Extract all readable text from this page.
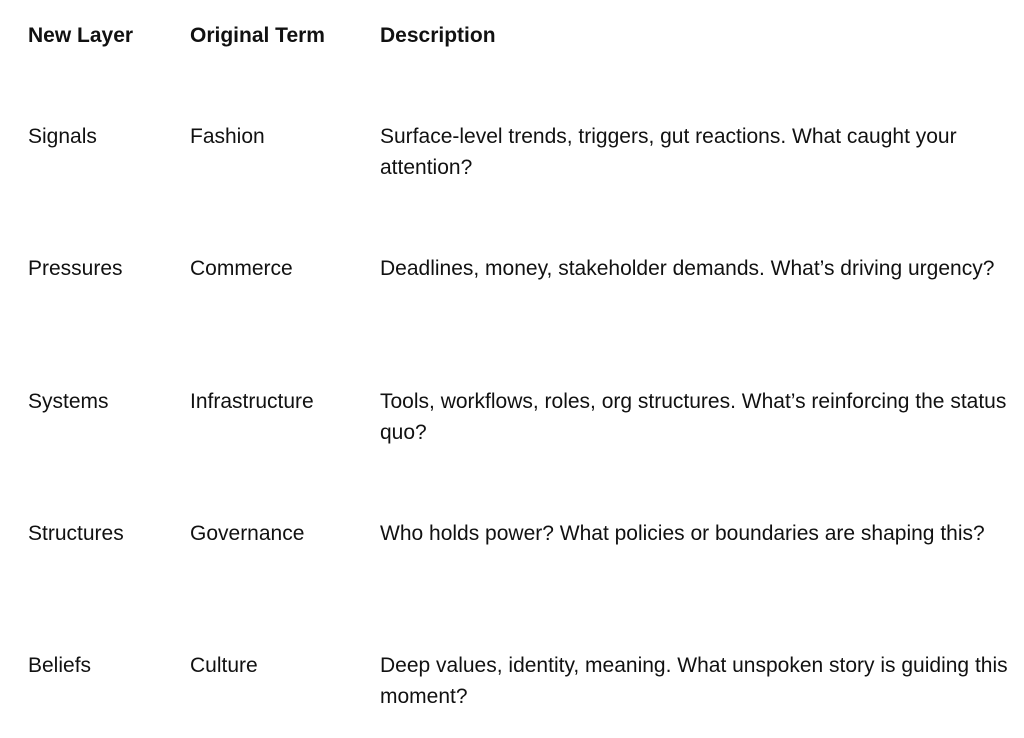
New Layer	Original Term	Description
Signals	Fashion	Surface-level trends, triggers, gut reactions. What caught your attention?
Pressures	Commerce	Deadlines, money, stakeholder demands. What’s driving urgency?
Systems	Infrastructure	Tools, workflows, roles, org structures. What’s reinforcing the status quo?
Structures	Governance	Who holds power? What policies or boundaries are shaping this?
Beliefs	Culture	Deep values, identity, meaning. What unspoken story is guiding this moment?
